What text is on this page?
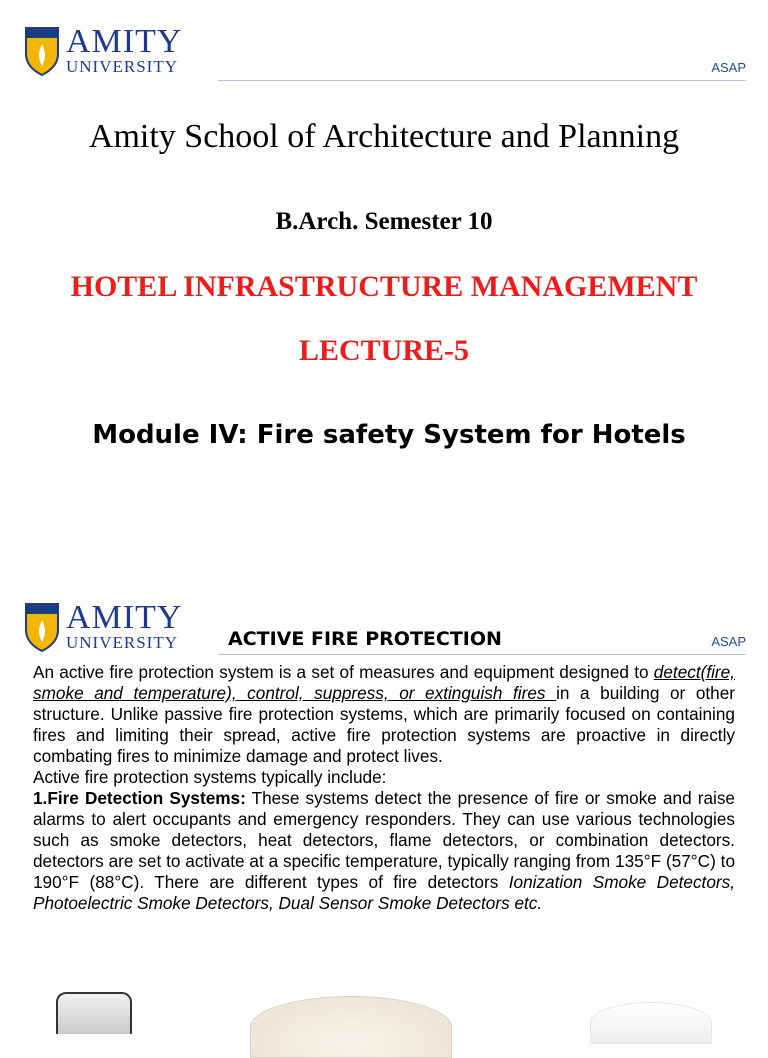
AMITY
UNIVERSITY	ASAP
Amity School of Architecture and Planning
B.Arch. Semester 10
HOTEL INFRASTRUCTURE MANAGEMENT
LECTURE-5
Module IV: Fire safety System for Hotels
AMITY
UNIVERSITY	ACTIVE FIRE PROTECTION	ASAP

An active fire protection system is a set of measures and equipment designed to detect(fire, smoke and temperature), control, suppress, or extinguish fires in a building or other structure. Unlike passive fire protection systems, which are primarily focused on containing fires and limiting their spread, active fire protection systems are proactive in directly combating fires to minimize damage and protect lives.

Active fire protection systems typically include:

1.Fire Detection Systems: These systems detect the presence of fire or smoke and raise alarms to alert occupants and emergency responders. They can use various technologies such as smoke detectors, heat detectors, flame detectors, or combination detectors. detectors are set to activate at a specific temperature, typically ranging from 135°F (57°C) to 190°F (88°C). There are different types of fire detectors Ionization Smoke Detectors, Photoelectric Smoke Detectors, Dual Sensor Smoke Detectors etc.
